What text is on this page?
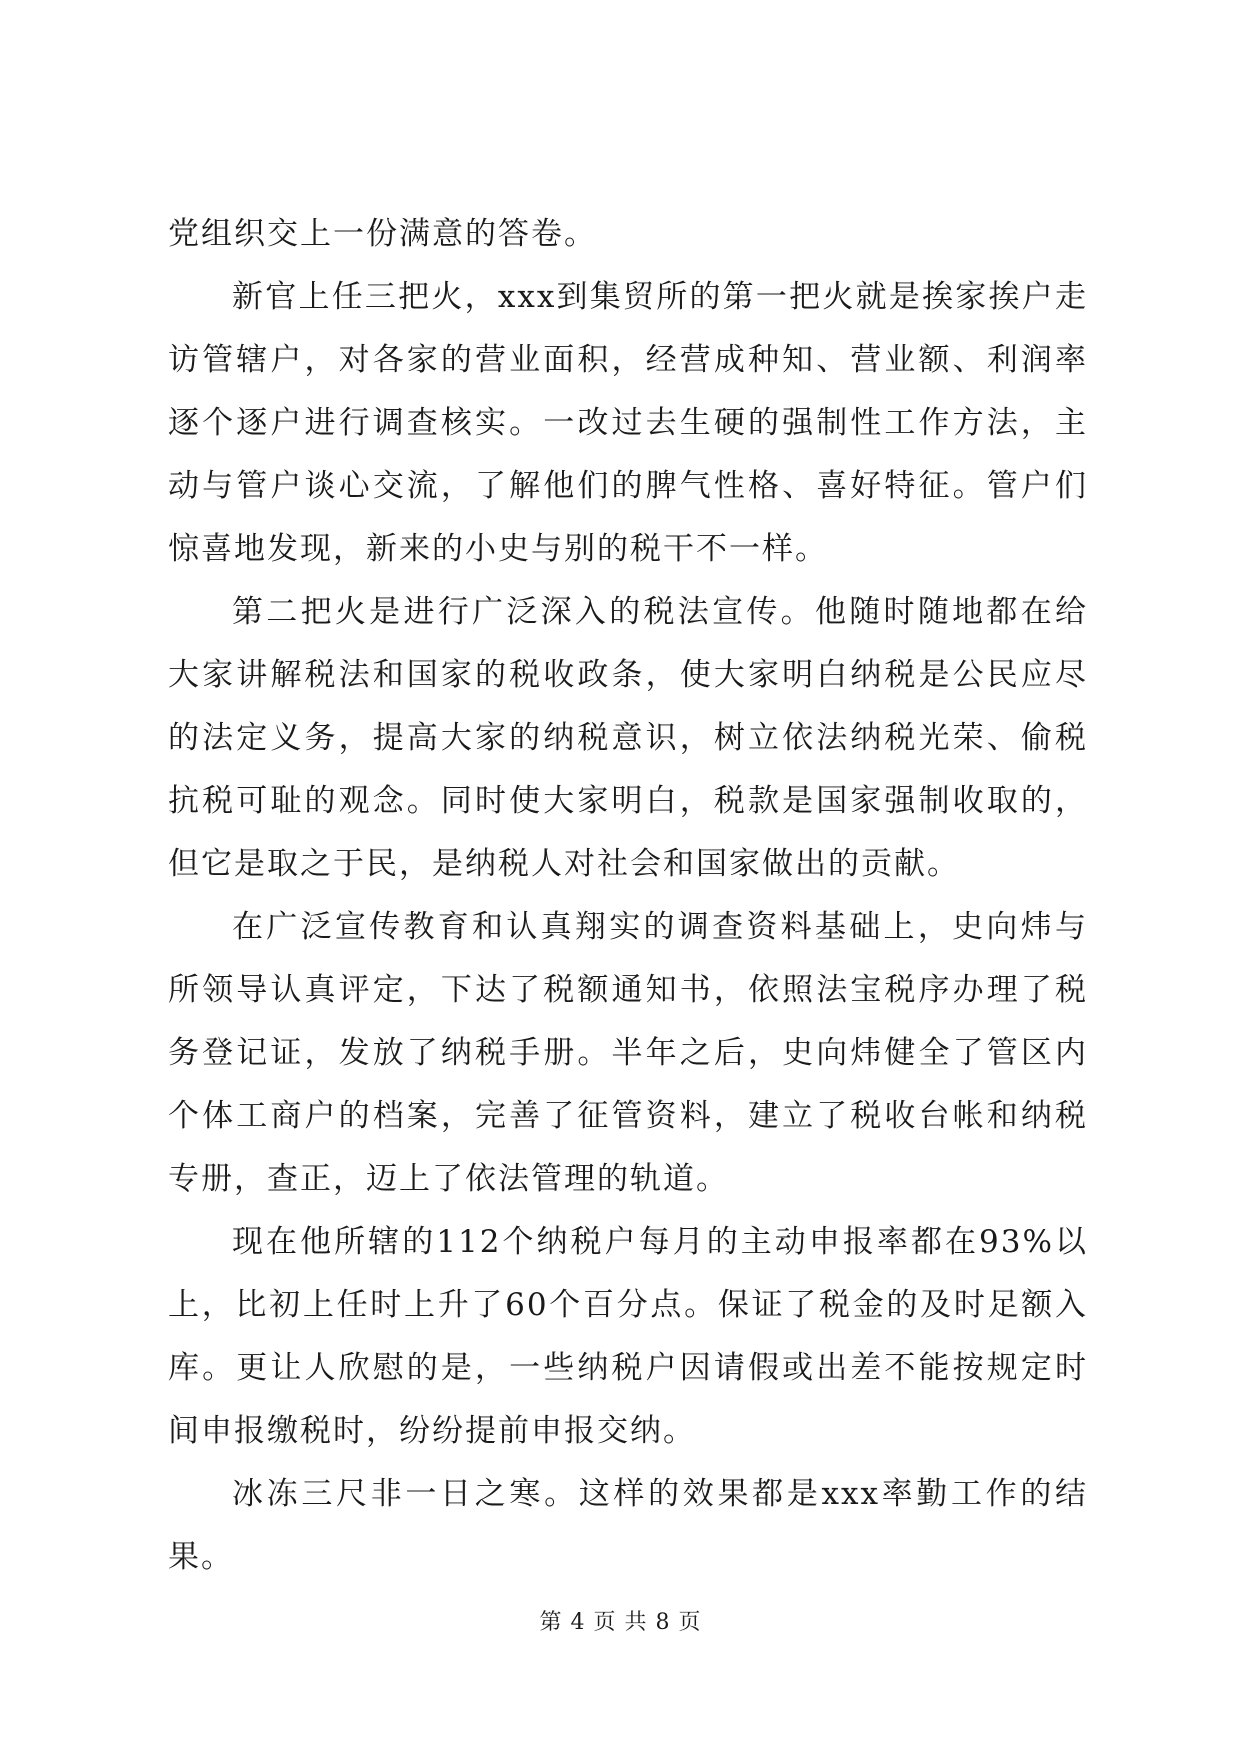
党组织交上一份满意的答卷。

新官上任三把火，xxx到集贸所的第一把火就是挨家挨户走访管辖户，对各家的营业面积，经营成种知、营业额、利润率逐个逐户进行调查核实。一改过去生硬的强制性工作方法，主动与管户谈心交流，了解他们的脾气性格、喜好特征。管户们惊喜地发现，新来的小史与别的税干不一样。

第二把火是进行广泛深入的税法宣传。他随时随地都在给大家讲解税法和国家的税收政条，使大家明白纳税是公民应尽的法定义务，提高大家的纳税意识，树立依法纳税光荣、偷税抗税可耻的观念。同时使大家明白，税款是国家强制收取的，但它是取之于民，是纳税人对社会和国家做出的贡献。

在广泛宣传教育和认真翔实的调查资料基础上，史向炜与所领导认真评定，下达了税额通知书，依照法宝税序办理了税务登记证，发放了纳税手册。半年之后，史向炜健全了管区内个体工商户的档案，完善了征管资料，建立了税收台帐和纳税专册，查正，迈上了依法管理的轨道。

现在他所辖的112个纳税户每月的主动申报率都在93%以上，比初上任时上升了60个百分点。保证了税金的及时足额入库。更让人欣慰的是，一些纳税户因请假或出差不能按规定时间申报缴税时，纷纷提前申报交纳。

冰冻三尺非一日之寒。这样的效果都是xxx率勤工作的结果。

第 4 页 共 8 页
